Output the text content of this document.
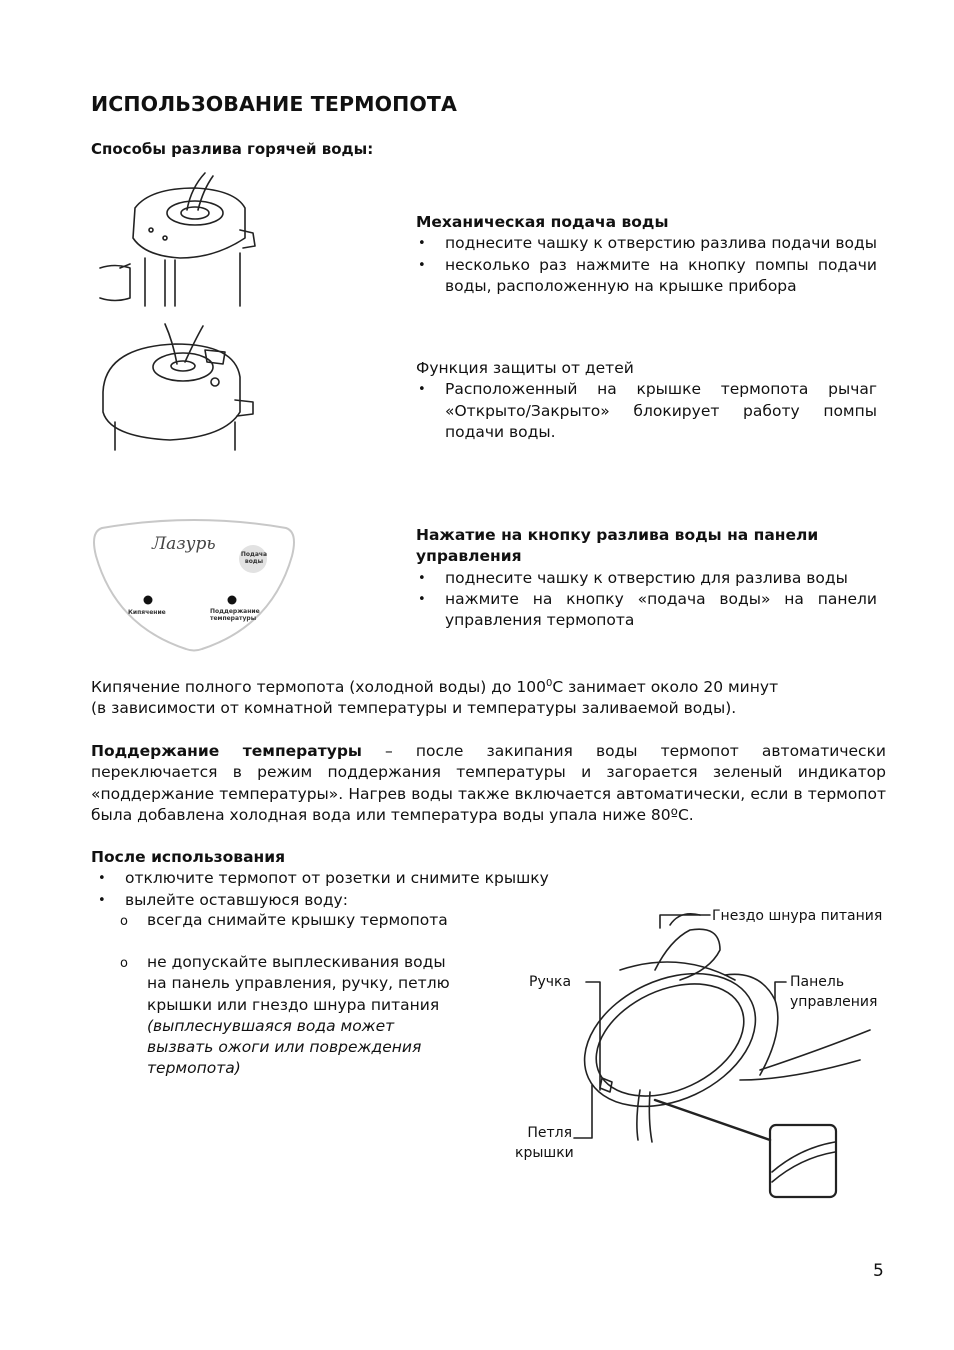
ИСПОЛЬЗОВАНИЕ ТЕРМОПОТА
Способы разлива горячей воды:
Лазурь
Подача
воды
Кипячение	Поддержание
температуры
Механическая подача воды
• поднесите чашку к отверстию разлива подачи воды
• несколько раз нажмите на кнопку помпы подачи воды, расположенную на крышке прибора
Функция защиты от детей
• Расположенный на крышке термопота рычаг «Открыто/Закрыто» блокирует работу помпы подачи воды.
Нажатие на кнопку разлива воды на панели управления
• поднесите чашку к отверстию для разлива воды
• нажмите на кнопку «подача воды» на панели управления термопота
Кипячение полного термопота (холодной воды) до $100^0С$ занимает около 20 минут
(в зависимости от комнатной температуры и температуры заливаемой воды).
Поддержание температуры – после закипания воды термопот автоматически переключается в режим поддержания температуры и загорается зеленый индикатор «поддержание температуры». Нагрев воды также включается автоматически, если в термопот была добавлена холодная вода или температура воды упала ниже 80ºС.
После использования
• отключите термопот от розетки и снимите крышку
• вылейте оставшуюся воду:
o всегда снимайте крышку термопота
o не допускайте выплескивания воды на панель управления, ручку, петлю крышки или гнездо шнура питания (выплеснувшаяся вода может вызвать ожоги или повреждения термопота)
Гнездо шнура питания
Ручка	Панель
управления
Петля
крышки
5
